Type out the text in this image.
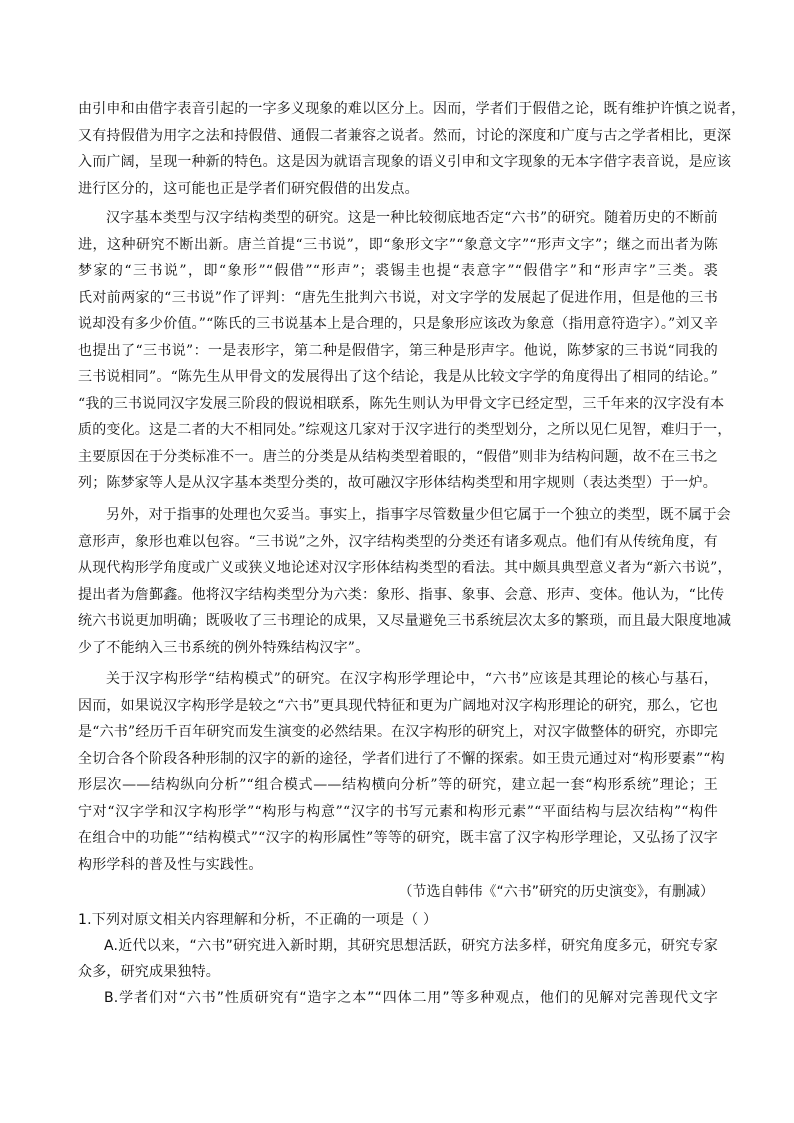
由引申和由借字表音引起的一字多义现象的难以区分上。因而，学者们于假借之论，既有维护许慎之说者，
又有持假借为用字之法和持假借、通假二者兼容之说者。然而，讨论的深度和广度与古之学者相比，更深
入而广阔，呈现一种新的特色。这是因为就语言现象的语义引申和文字现象的无本字借字表音说，是应该
进行区分的，这可能也正是学者们研究假借的出发点。
汉字基本类型与汉字结构类型的研究。这是一种比较彻底地否定“六书”的研究。随着历史的不断前
进，这种研究不断出新。唐兰首提“三书说”，即“象形文字”“象意文字”“形声文字”；继之而出者为陈
梦家的“三书说”，即“象形”“假借”“形声”；裘锡圭也提“表意字”“假借字”和“形声字”三类。裘
氏对前两家的“三书说”作了评判：“唐先生批判六书说，对文字学的发展起了促进作用，但是他的三书
说却没有多少价值。”“陈氏的三书说基本上是合理的，只是象形应该改为象意（指用意符造字）。”刘又辛
也提出了“三书说”：一是表形字，第二种是假借字，第三种是形声字。他说，陈梦家的三书说“同我的
三书说相同”。“陈先生从甲骨文的发展得出了这个结论，我是从比较文字学的角度得出了相同的结论。”
“我的三书说同汉字发展三阶段的假说相联系，陈先生则认为甲骨文字已经定型，三千年来的汉字没有本
质的变化。这是二者的大不相同处。”综观这几家对于汉字进行的类型划分，之所以见仁见智，难归于一，
主要原因在于分类标准不一。唐兰的分类是从结构类型着眼的，“假借”则非为结构问题，故不在三书之
列；陈梦家等人是从汉字基本类型分类的，故可融汉字形体结构类型和用字规则（表达类型）于一炉。
另外，对于指事的处理也欠妥当。事实上，指事字尽管数量少但它属于一个独立的类型，既不属于会
意形声，象形也难以包容。“三书说”之外，汉字结构类型的分类还有诸多观点。他们有从传统角度，有
从现代构形学角度或广义或狭义地论述对汉字形体结构类型的看法。其中颇具典型意义者为“新六书说”，
提出者为詹鄞鑫。他将汉字结构类型分为六类：象形、指事、象事、会意、形声、变体。他认为，“比传
统六书说更加明确；既吸收了三书理论的成果，又尽量避免三书系统层次太多的繁琐，而且最大限度地减
少了不能纳入三书系统的例外特殊结构汉字”。
关于汉字构形学“结构模式”的研究。在汉字构形学理论中，“六书”应该是其理论的核心与基石，
因而，如果说汉字构形学是较之“六书”更具现代特征和更为广阔地对汉字构形理论的研究，那么，它也
是“六书”经历千百年研究而发生演变的必然结果。在汉字构形的研究上，对汉字做整体的研究，亦即完
全切合各个阶段各种形制的汉字的新的途径，学者们进行了不懈的探索。如王贵元通过对“构形要素”“构
形层次——结构纵向分析”“组合模式——结构横向分析”等的研究，建立起一套“构形系统”理论；王
宁对“汉字学和汉字构形学”“构形与构意”“汉字的书写元素和构形元素”“平面结构与层次结构”“构件
在组合中的功能”“结构模式”“汉字的构形属性”等等的研究，既丰富了汉字构形学理论，又弘扬了汉字
构形学科的普及性与实践性。
（节选自韩伟《“六书”研究的历史演变》，有删减）
1.下列对原文相关内容理解和分析，不正确的一项是（ ）
A.近代以来，“六书”研究进入新时期，其研究思想活跃，研究方法多样，研究角度多元，研究专家
众多，研究成果独特。
B.学者们对“六书”性质研究有“造字之本”“四体二用”等多种观点，他们的见解对完善现代文字
